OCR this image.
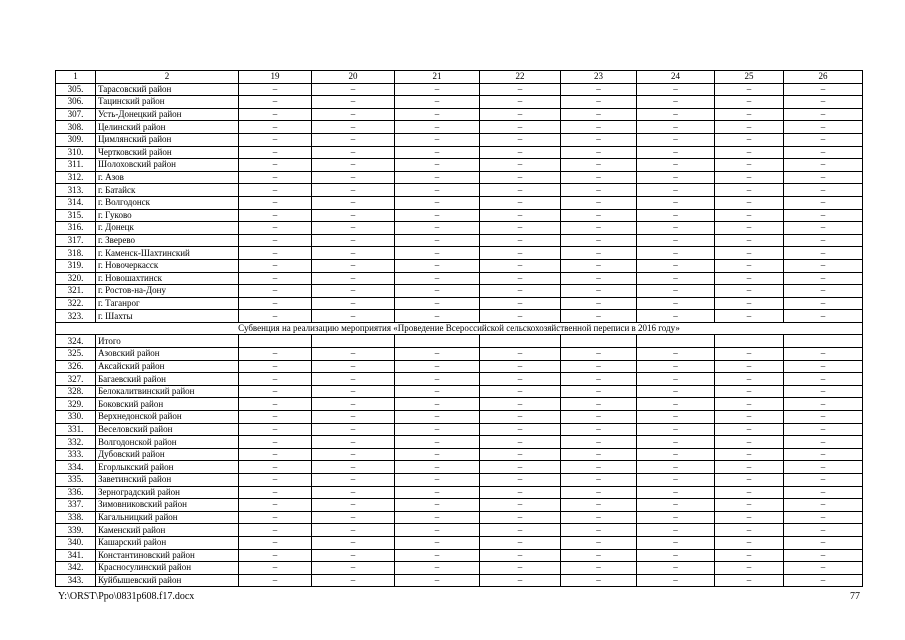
1	2	19	20	21	22	23	24	25	26
305.	Тарасовский район	–	–	–	–	–	–	–	–
306.	Тацинский район	–	–	–	–	–	–	–	–
307.	Усть-Донецкий район	–	–	–	–	–	–	–	–
308.	Целинский район	–	–	–	–	–	–	–	–
309.	Цимлянский район	–	–	–	–	–	–	–	–
310.	Чертковский район	–	–	–	–	–	–	–	–
311.	Шолоховский район	–	–	–	–	–	–	–	–
312.	г. Азов	–	–	–	–	–	–	–	–
313.	г. Батайск	–	–	–	–	–	–	–	–
314.	г. Волгодонск	–	–	–	–	–	–	–	–
315.	г. Гуково	–	–	–	–	–	–	–	–
316.	г. Донецк	–	–	–	–	–	–	–	–
317.	г. Зверево	–	–	–	–	–	–	–	–
318.	г. Каменск-Шахтинский	–	–	–	–	–	–	–	–
319.	г. Новочеркасск	–	–	–	–	–	–	–	–
320.	г. Новошахтинск	–	–	–	–	–	–	–	–
321.	г. Ростов-на-Дону	–	–	–	–	–	–	–	–
322.	г. Таганрог	–	–	–	–	–	–	–	–
323.	г. Шахты	–	–	–	–	–	–	–	–
Субвенция на реализацию мероприятия «Проведение Всероссийской сельскохозяйственной переписи в 2016 году»									
324.	Итого								
325.	Азовский район	–	–	–	–	–	–	–	–
326.	Аксайский район	–	–	–	–	–	–	–	–
327.	Багаевский район	–	–	–	–	–	–	–	–
328.	Белокалитвинский район	–	–	–	–	–	–	–	–
329.	Боковский район	–	–	–	–	–	–	–	–
330.	Верхнедонской район	–	–	–	–	–	–	–	–
331.	Веселовский район	–	–	–	–	–	–	–	–
332.	Волгодонской район	–	–	–	–	–	–	–	–
333.	Дубовский район	–	–	–	–	–	–	–	–
334.	Егорлыкский район	–	–	–	–	–	–	–	–
335.	Заветинский район	–	–	–	–	–	–	–	–
336.	Зерноградский район	–	–	–	–	–	–	–	–
337.	Зимовниковский район	–	–	–	–	–	–	–	–
338.	Кагальницкий район	–	–	–	–	–	–	–	–
339.	Каменский район	–	–	–	–	–	–	–	–
340.	Кашарский район	–	–	–	–	–	–	–	–
341.	Константиновский район	–	–	–	–	–	–	–	–
342.	Красносулинский район	–	–	–	–	–	–	–	–
343.	Куйбышевский район	–	–	–	–	–	–	–	–
Y:\ORST\Ppo\0831p608.f17.docx	77
